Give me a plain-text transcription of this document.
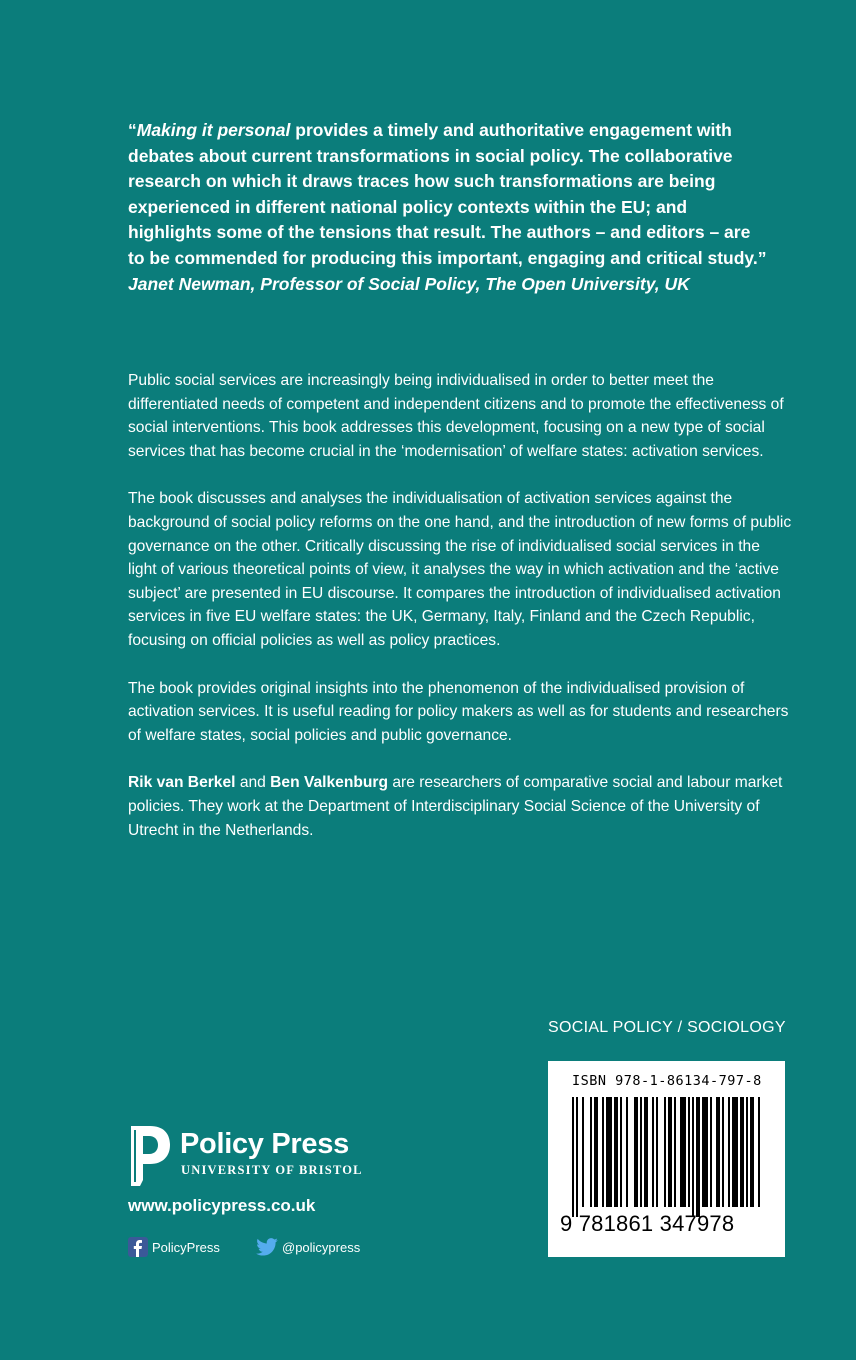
“Making it personal provides a timely and authoritative engagement with debates about current transformations in social policy. The collaborative research on which it draws traces how such transformations are being experienced in different national policy contexts within the EU; and highlights some of the tensions that result. The authors – and editors – are to be commended for producing this important, engaging and critical study.”
Janet Newman, Professor of Social Policy, The Open University, UK

Public social services are increasingly being individualised in order to better meet the differentiated needs of competent and independent citizens and to promote the effectiveness of social interventions. This book addresses this development, focusing on a new type of social services that has become crucial in the ‘modernisation’ of welfare states: activation services.

The book discusses and analyses the individualisation of activation services against the background of social policy reforms on the one hand, and the introduction of new forms of public governance on the other. Critically discussing the rise of individualised social services in the light of various theoretical points of view, it analyses the way in which activation and the ‘active subject’ are presented in EU discourse. It compares the introduction of individualised activation services in five EU welfare states: the UK, Germany, Italy, Finland and the Czech Republic, focusing on official policies as well as policy practices.

The book provides original insights into the phenomenon of the individualised provision of activation services. It is useful reading for policy makers as well as for students and researchers of welfare states, social policies and public governance.

Rik van Berkel and Ben Valkenburg are researchers of comparative social and labour market policies. They work at the Department of Interdisciplinary Social Science of the University of Utrecht in the Netherlands.

SOCIAL POLICY / SOCIOLOGY
ISBN 978-1-86134-797-8
9 781861 347978
Policy Press
UNIVERSITY OF BRISTOL
www.policypress.co.uk
PolicyPress	@policypress
